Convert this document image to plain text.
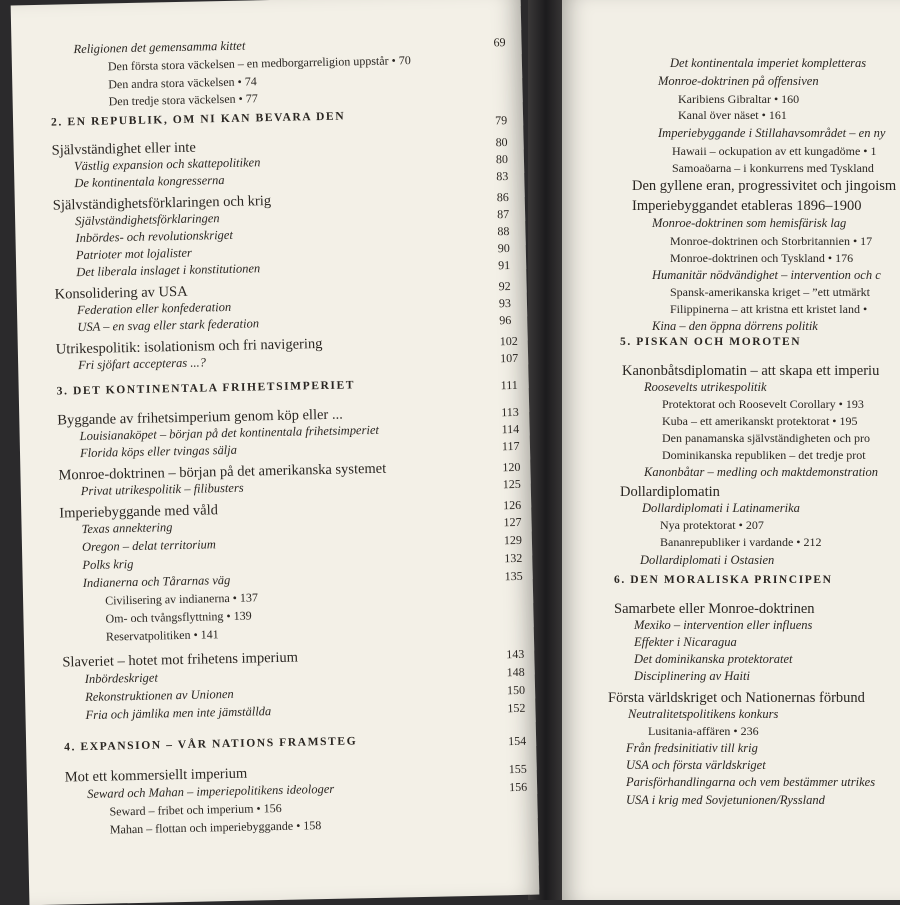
Religionen det gemensamma kittet	69
Den första stora väckelsen – en medborgarreligion uppstår • 70
Den andra stora väckelsen • 74
Den tredje stora väckelsen • 77
2. EN REPUBLIK, OM NI KAN BEVARA DEN	79
Självständighet eller inte	80
Västlig expansion och skattepolitiken	80
De kontinentala kongresserna	83
Självständighetsförklaringen och krig	86
Självständighetsförklaringen	87
Inbördes- och revolutionskriget	88
Patrioter mot lojalister	90
Det liberala inslaget i konstitutionen	91
Konsolidering av USA	92
Federation eller konfederation	93
USA – en svag eller stark federation	96
Utrikespolitik: isolationism och fri navigering	102
Fri sjöfart accepteras ...?	107
3. DET KONTINENTALA FRIHETSIMPERIET	111
Byggande av frihetsimperium genom köp eller ...	113
Louisianaköpet – början på det kontinentala frihetsimperiet	114
Florida köps eller tvingas sälja	117
Monroe-doktrinen – början på det amerikanska systemet	120
Privat utrikespolitik – filibusters	125
Imperiebyggande med våld	126
Texas annektering	127
Oregon – delat territorium	129
Polks krig	132
Indianerna och Tårarnas väg	135
Civilisering av indianerna • 137
Om- och tvångsflyttning • 139
Reservatpolitiken • 141
Slaveriet – hotet mot frihetens imperium	143
Inbördeskriget	148
Rekonstruktionen av Unionen	150
Fria och jämlika men inte jämställda	152
4. EXPANSION – VÅR NATIONS FRAMSTEG	154
Mot ett kommersiellt imperium	155
Seward och Mahan – imperiepolitikens ideologer	156
Seward – fribet och imperium • 156
Mahan – flottan och imperiebyggande • 158
Det kontinentala imperiet kompletteras
Monroe-doktrinen på offensiven
Karibiens Gibraltar • 160
Kanal över näset • 161
Imperiebyggande i Stillahavsområdet – en ny
Hawaii – ockupation av ett kungadöme • 1
Samoaöarna – i konkurrens med Tyskland
Den gyllene eran, progressivitet och jingoism
Imperiebyggandet etableras 1896–1900
Monroe-doktrinen som hemisfärisk lag
Monroe-doktrinen och Storbritannien • 17
Monroe-doktrinen och Tyskland • 176
Humanitär nödvändighet – intervention och c
Spansk-amerikanska kriget – ”ett utmärkt
Filippinerna – att kristna ett kristet land •
Kina – den öppna dörrens politik
5. PISKAN OCH MOROTEN
Kanonbåtsdiplomatin – att skapa ett imperiu
Roosevelts utrikespolitik
Protektorat och Roosevelt Corollary • 193
Kuba – ett amerikanskt protektorat • 195
Den panamanska självständigheten och pro
Dominikanska republiken – det tredje prot
Kanonbåtar – medling och maktdemonstration
Dollardiplomatin
Dollardiplomati i Latinamerika
Nya protektorat • 207
Bananrepubliker i vardande • 212
Dollardiplomati i Ostasien
6. DEN MORALISKA PRINCIPEN
Samarbete eller Monroe-doktrinen
Mexiko – intervention eller influens
Effekter i Nicaragua
Det dominikanska protektoratet
Disciplinering av Haiti
Första världskriget och Nationernas förbund
Neutralitetspolitikens konkurs
Lusitania-affären • 236
Från fredsinitiativ till krig
USA och första världskriget
Parisförhandlingarna och vem bestämmer utrikes
USA i krig med Sovjetunionen/Ryssland
